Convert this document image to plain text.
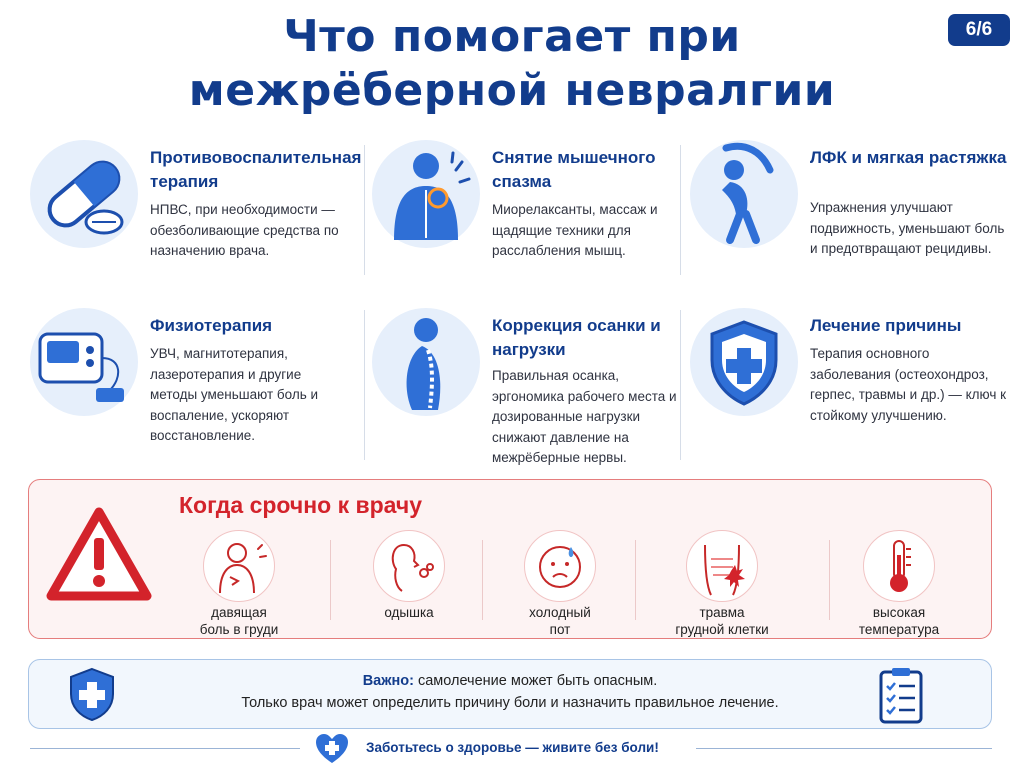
Что помогает при
межрёберной невралгии
6/6
Противовоспалительная терапия

НПВС, при необходимости — обезболивающие средства по назначению врача.

Снятие мышечного спазма

Миорелаксанты, массаж и щадящие техники для расслабления мышц.

ЛФК и мягкая растяжка

Упражнения улучшают подвижность, уменьшают боль и предотвращают рецидивы.

Физиотерапия

УВЧ, магнитотерапия, лазеротерапия и другие методы уменьшают боль и воспаление, ускоряют восстановление.

Коррекция осанки и нагрузки

Правильная осанка, эргономика рабочего места и дозированные нагрузки снижают давление на межрёберные нервы.

Лечение причины

Терапия основного заболевания (остеохондроз, герпес, травмы и др.) — ключ к стойкому улучшению.

Когда срочно к врачу
давящая
боль в груди
одышка	холодный
пот
травма
грудной клетки
высокая
температура
Важно: самолечение может быть опасным.
Только врач может определить причину боли и назначить правильное лечение.
Заботьтесь о здоровье — живите без боли!
